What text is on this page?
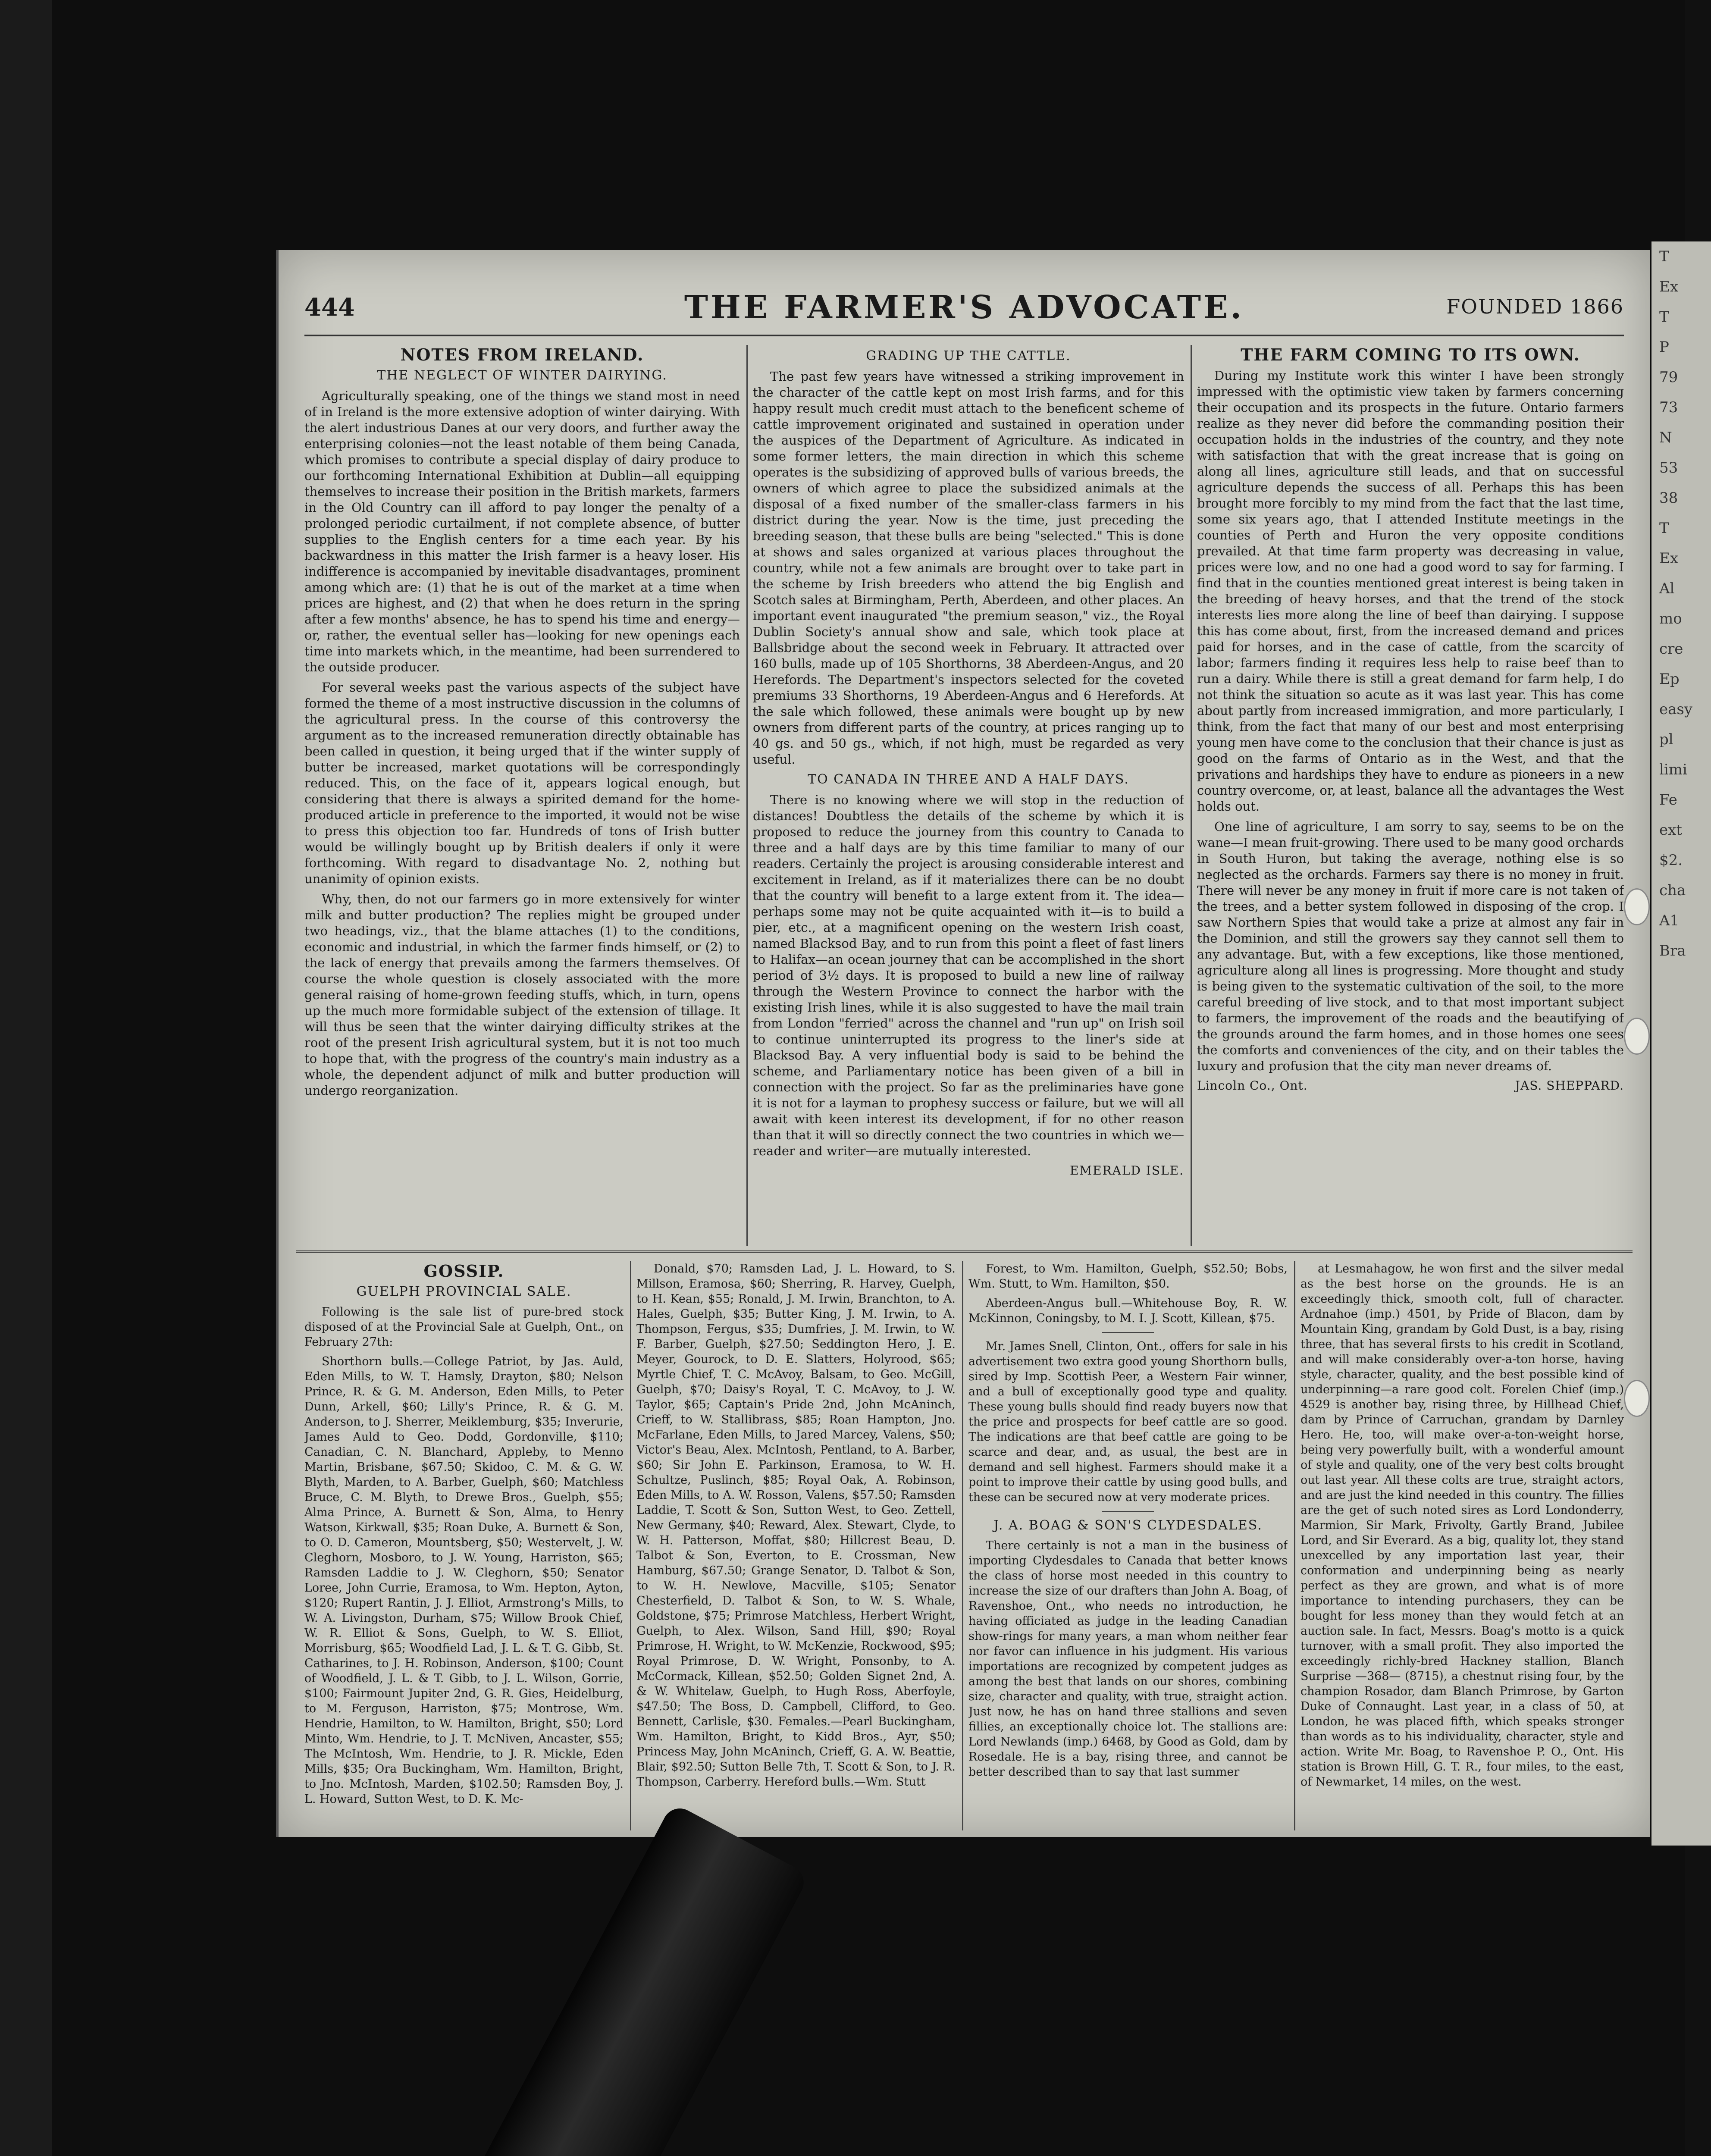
T
Ex
T
P
79
73
N
53
38
T
Ex
Al
mo
cre
Ep
easy
pl
limi
Fe
ext
$2.
cha
A1
Bra
444	THE FARMER'S ADVOCATE.	FOUNDED 1866
NOTES FROM IRELAND.
THE NEGLECT OF WINTER DAIRYING.

Agriculturally speaking, one of the things we stand most in need of in Ireland is the more extensive adoption of winter dairying. With the alert industrious Danes at our very doors, and further away the enterprising colonies—not the least notable of them being Canada, which promises to contribute a special display of dairy produce to our forthcoming International Exhibition at Dublin—all equipping themselves to increase their position in the British markets, farmers in the Old Country can ill afford to pay longer the penalty of a prolonged periodic curtailment, if not complete absence, of butter supplies to the English centers for a time each year. By his backwardness in this matter the Irish farmer is a heavy loser. His indifference is accompanied by inevitable disadvantages, prominent among which are: (1) that he is out of the market at a time when prices are highest, and (2) that when he does return in the spring after a few months' absence, he has to spend his time and energy—or, rather, the eventual seller has—looking for new openings each time into markets which, in the meantime, had been surrendered to the outside producer.

For several weeks past the various aspects of the subject have formed the theme of a most instructive discussion in the columns of the agricultural press. In the course of this controversy the argument as to the increased remuneration directly obtainable has been called in question, it being urged that if the winter supply of butter be increased, market quotations will be correspondingly reduced. This, on the face of it, appears logical enough, but considering that there is always a spirited demand for the home-produced article in preference to the imported, it would not be wise to press this objection too far. Hundreds of tons of Irish butter would be willingly bought up by British dealers if only it were forthcoming. With regard to disadvantage No. 2, nothing but unanimity of opinion exists.

Why, then, do not our farmers go in more extensively for winter milk and butter production? The replies might be grouped under two headings, viz., that the blame attaches (1) to the conditions, economic and industrial, in which the farmer finds himself, or (2) to the lack of energy that prevails among the farmers themselves. Of course the whole question is closely associated with the more general raising of home-grown feeding stuffs, which, in turn, opens up the much more formidable subject of the extension of tillage. It will thus be seen that the winter dairying difficulty strikes at the root of the present Irish agricultural system, but it is not too much to hope that, with the progress of the country's main industry as a whole, the dependent adjunct of milk and butter production will undergo reorganization.

GRADING UP THE CATTLE.

The past few years have witnessed a striking improvement in the character of the cattle kept on most Irish farms, and for this happy result much credit must attach to the beneficent scheme of cattle improvement originated and sustained in operation under the auspices of the Department of Agriculture. As indicated in some former letters, the main direction in which this scheme operates is the subsidizing of approved bulls of various breeds, the owners of which agree to place the subsidized animals at the disposal of a fixed number of the smaller-class farmers in his district during the year. Now is the time, just preceding the breeding season, that these bulls are being "selected." This is done at shows and sales organized at various places throughout the country, while not a few animals are brought over to take part in the scheme by Irish breeders who attend the big English and Scotch sales at Birmingham, Perth, Aberdeen, and other places. An important event inaugurated "the premium season," viz., the Royal Dublin Society's annual show and sale, which took place at Ballsbridge about the second week in February. It attracted over 160 bulls, made up of 105 Shorthorns, 38 Aberdeen-Angus, and 20 Herefords. The Department's inspectors selected for the coveted premiums 33 Shorthorns, 19 Aberdeen-Angus and 6 Herefords. At the sale which followed, these animals were bought up by new owners from different parts of the country, at prices ranging up to 40 gs. and 50 gs., which, if not high, must be regarded as very useful.

TO CANADA IN THREE AND A HALF DAYS.

There is no knowing where we will stop in the reduction of distances! Doubtless the details of the scheme by which it is proposed to reduce the journey from this country to Canada to three and a half days are by this time familiar to many of our readers. Certainly the project is arousing considerable interest and excitement in Ireland, as if it materializes there can be no doubt that the country will benefit to a large extent from it. The idea—perhaps some may not be quite acquainted with it—is to build a pier, etc., at a magnificent opening on the western Irish coast, named Blacksod Bay, and to run from this point a fleet of fast liners to Halifax—an ocean journey that can be accomplished in the short period of 3½ days. It is proposed to build a new line of railway through the Western Province to connect the harbor with the existing Irish lines, while it is also suggested to have the mail train from London "ferried" across the channel and "run up" on Irish soil to continue uninterrupted its progress to the liner's side at Blacksod Bay. A very influential body is said to be behind the scheme, and Parliamentary notice has been given of a bill in connection with the project. So far as the preliminaries have gone it is not for a layman to prophesy success or failure, but we will all await with keen interest its development, if for no other reason than that it will so directly connect the two countries in which we—reader and writer—are mutually interested.

EMERALD ISLE.
THE FARM COMING TO ITS OWN.

During my Institute work this winter I have been strongly impressed with the optimistic view taken by farmers concerning their occupation and its prospects in the future. Ontario farmers realize as they never did before the commanding position their occupation holds in the industries of the country, and they note with satisfaction that with the great increase that is going on along all lines, agriculture still leads, and that on successful agriculture depends the success of all. Perhaps this has been brought more forcibly to my mind from the fact that the last time, some six years ago, that I attended Institute meetings in the counties of Perth and Huron the very opposite conditions prevailed. At that time farm property was decreasing in value, prices were low, and no one had a good word to say for farming. I find that in the counties mentioned great interest is being taken in the breeding of heavy horses, and that the trend of the stock interests lies more along the line of beef than dairying. I suppose this has come about, first, from the increased demand and prices paid for horses, and in the case of cattle, from the scarcity of labor; farmers finding it requires less help to raise beef than to run a dairy. While there is still a great demand for farm help, I do not think the situation so acute as it was last year. This has come about partly from increased immigration, and more particularly, I think, from the fact that many of our best and most enterprising young men have come to the conclusion that their chance is just as good on the farms of Ontario as in the West, and that the privations and hardships they have to endure as pioneers in a new country overcome, or, at least, balance all the advantages the West holds out.

One line of agriculture, I am sorry to say, seems to be on the wane—I mean fruit-growing. There used to be many good orchards in South Huron, but taking the average, nothing else is so neglected as the orchards. Farmers say there is no money in fruit. There will never be any money in fruit if more care is not taken of the trees, and a better system followed in disposing of the crop. I saw Northern Spies that would take a prize at almost any fair in the Dominion, and still the growers say they cannot sell them to any advantage. But, with a few exceptions, like those mentioned, agriculture along all lines is progressing. More thought and study is being given to the systematic cultivation of the soil, to the more careful breeding of live stock, and to that most important subject to farmers, the improvement of the roads and the beautifying of the grounds around the farm homes, and in those homes one sees the comforts and conveniences of the city, and on their tables the luxury and profusion that the city man never dreams of.

Lincoln Co., Ont.	JAS. SHEPPARD.
GOSSIP.
GUELPH PROVINCIAL SALE.

Following is the sale list of pure-bred stock disposed of at the Provincial Sale at Guelph, Ont., on February 27th:

Shorthorn bulls.—College Patriot, by Jas. Auld, Eden Mills, to W. T. Hamsly, Drayton, $80; Nelson Prince, R. & G. M. Anderson, Eden Mills, to Peter Dunn, Arkell, $60; Lilly's Prince, R. & G. M. Anderson, to J. Sherrer, Meiklemburg, $35; Inverurie, James Auld to Geo. Dodd, Gordonville, $110; Canadian, C. N. Blanchard, Appleby, to Menno Martin, Brisbane, $67.50; Skidoo, C. M. & G. W. Blyth, Marden, to A. Barber, Guelph, $60; Matchless Bruce, C. M. Blyth, to Drewe Bros., Guelph, $55; Alma Prince, A. Burnett & Son, Alma, to Henry Watson, Kirkwall, $35; Roan Duke, A. Burnett & Son, to O. D. Cameron, Mountsberg, $50; Westervelt, J. W. Cleghorn, Mosboro, to J. W. Young, Harriston, $65; Ramsden Laddie to J. W. Cleghorn, $50; Senator Loree, John Currie, Eramosa, to Wm. Hepton, Ayton, $120; Rupert Rantin, J. J. Elliot, Armstrong's Mills, to W. A. Livingston, Durham, $75; Willow Brook Chief, W. R. Elliot & Sons, Guelph, to W. S. Elliot, Morrisburg, $65; Woodfield Lad, J. L. & T. G. Gibb, St. Catharines, to J. H. Robinson, Anderson, $100; Count of Woodfield, J. L. & T. Gibb, to J. L. Wilson, Gorrie, $100; Fairmount Jupiter 2nd, G. R. Gies, Heidelburg, to M. Ferguson, Harriston, $75; Montrose, Wm. Hendrie, Hamilton, to W. Hamilton, Bright, $50; Lord Minto, Wm. Hendrie, to J. T. McNiven, Ancaster, $55; The McIntosh, Wm. Hendrie, to J. R. Mickle, Eden Mills, $35; Ora Buckingham, Wm. Hamilton, Bright, to Jno. McIntosh, Marden, $102.50; Ramsden Boy, J. L. Howard, Sutton West, to D. K. Mc-

Donald, $70; Ramsden Lad, J. L. Howard, to S. Millson, Eramosa, $60; Sherring, R. Harvey, Guelph, to H. Kean, $55; Ronald, J. M. Irwin, Branchton, to A. Hales, Guelph, $35; Butter King, J. M. Irwin, to A. Thompson, Fergus, $35; Dumfries, J. M. Irwin, to W. F. Barber, Guelph, $27.50; Seddington Hero, J. E. Meyer, Gourock, to D. E. Slatters, Holyrood, $65; Myrtle Chief, T. C. McAvoy, Balsam, to Geo. McGill, Guelph, $70; Daisy's Royal, T. C. McAvoy, to J. W. Taylor, $65; Captain's Pride 2nd, John McAninch, Crieff, to W. Stallibrass, $85; Roan Hampton, Jno. McFarlane, Eden Mills, to Jared Marcey, Valens, $50; Victor's Beau, Alex. McIntosh, Pentland, to A. Barber, $60; Sir John E. Parkinson, Eramosa, to W. H. Schultze, Puslinch, $85; Royal Oak, A. Robinson, Eden Mills, to A. W. Rosson, Valens, $57.50; Ramsden Laddie, T. Scott & Son, Sutton West, to Geo. Zettell, New Germany, $40; Reward, Alex. Stewart, Clyde, to W. H. Patterson, Moffat, $80; Hillcrest Beau, D. Talbot & Son, Everton, to E. Crossman, New Hamburg, $67.50; Grange Senator, D. Talbot & Son, to W. H. Newlove, Macville, $105; Senator Chesterfield, D. Talbot & Son, to W. S. Whale, Goldstone, $75; Primrose Matchless, Herbert Wright, Guelph, to Alex. Wilson, Sand Hill, $90; Royal Primrose, H. Wright, to W. McKenzie, Rockwood, $95; Royal Primrose, D. W. Wright, Ponsonby, to A. McCormack, Killean, $52.50; Golden Signet 2nd, A. & W. Whitelaw, Guelph, to Hugh Ross, Aberfoyle, $47.50; The Boss, D. Campbell, Clifford, to Geo. Bennett, Carlisle, $30. Females.—Pearl Buckingham, Wm. Hamilton, Bright, to Kidd Bros., Ayr, $50; Princess May, John McAninch, Crieff, G. A. W. Beattie, Blair, $92.50; Sutton Belle 7th, T. Scott & Son, to J. R. Thompson, Carberry. Hereford bulls.—Wm. Stutt

Forest, to Wm. Hamilton, Guelph, $52.50; Bobs, Wm. Stutt, to Wm. Hamilton, $50.

Aberdeen-Angus bull.—Whitehouse Boy, R. W. McKinnon, Coningsby, to M. I. J. Scott, Killean, $75.

Mr. James Snell, Clinton, Ont., offers for sale in his advertisement two extra good young Shorthorn bulls, sired by Imp. Scottish Peer, a Western Fair winner, and a bull of exceptionally good type and quality. These young bulls should find ready buyers now that the price and prospects for beef cattle are so good. The indications are that beef cattle are going to be scarce and dear, and, as usual, the best are in demand and sell highest. Farmers should make it a point to improve their cattle by using good bulls, and these can be secured now at very moderate prices.

J. A. BOAG & SON'S CLYDESDALES.

There certainly is not a man in the business of importing Clydesdales to Canada that better knows the class of horse most needed in this country to increase the size of our drafters than John A. Boag, of Ravenshoe, Ont., who needs no introduction, he having officiated as judge in the leading Canadian show-rings for many years, a man whom neither fear nor favor can influence in his judgment. His various importations are recognized by competent judges as among the best that lands on our shores, combining size, character and quality, with true, straight action. Just now, he has on hand three stallions and seven fillies, an exceptionally choice lot. The stallions are: Lord Newlands (imp.) 6468, by Good as Gold, dam by Rosedale. He is a bay, rising three, and cannot be better described than to say that last summer

at Lesmahagow, he won first and the silver medal as the best horse on the grounds. He is an exceedingly thick, smooth colt, full of character. Ardnahoe (imp.) 4501, by Pride of Blacon, dam by Mountain King, grandam by Gold Dust, is a bay, rising three, that has several firsts to his credit in Scotland, and will make considerably over-a-ton horse, having style, character, quality, and the best possible kind of underpinning—a rare good colt. Forelen Chief (imp.) 4529 is another bay, rising three, by Hillhead Chief, dam by Prince of Carruchan, grandam by Darnley Hero. He, too, will make over-a-ton-weight horse, being very powerfully built, with a wonderful amount of style and quality, one of the very best colts brought out last year. All these colts are true, straight actors, and are just the kind needed in this country. The fillies are the get of such noted sires as Lord Londonderry, Marmion, Sir Mark, Frivolty, Gartly Brand, Jubilee Lord, and Sir Everard. As a big, quality lot, they stand unexcelled by any importation last year, their conformation and underpinning being as nearly perfect as they are grown, and what is of more importance to intending purchasers, they can be bought for less money than they would fetch at an auction sale. In fact, Messrs. Boag's motto is a quick turnover, with a small profit. They also imported the exceedingly richly-bred Hackney stallion, Blanch Surprise —368— (8715), a chestnut rising four, by the champion Rosador, dam Blanch Primrose, by Garton Duke of Connaught. Last year, in a class of 50, at London, he was placed fifth, which speaks stronger than words as to his individuality, character, style and action. Write Mr. Boag, to Ravenshoe P. O., Ont. His station is Brown Hill, G. T. R., four miles, to the east, of Newmarket, 14 miles, on the west.
